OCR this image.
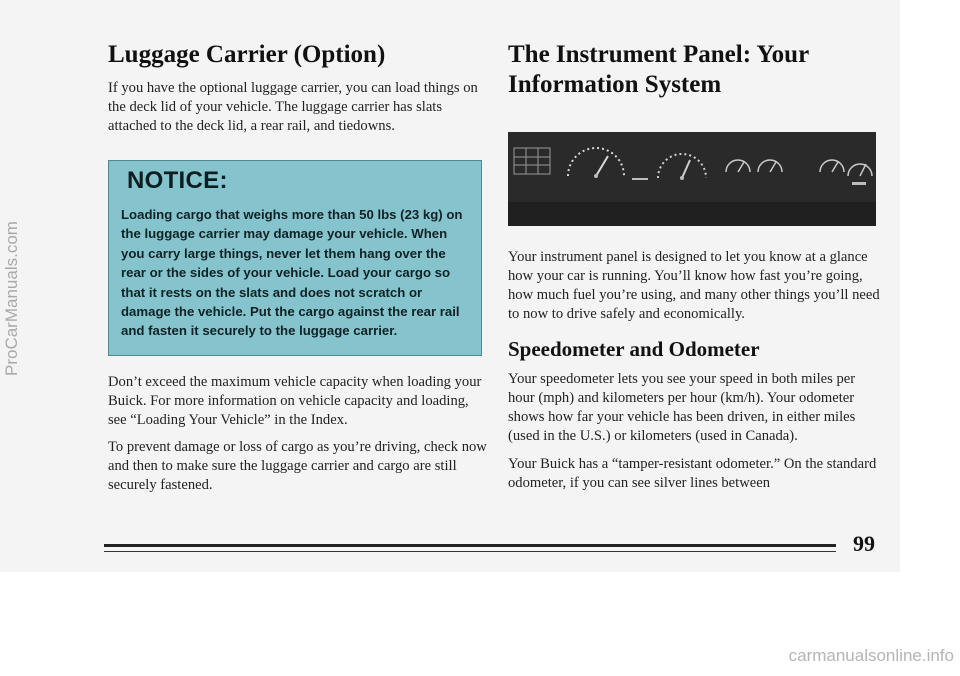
Luggage Carrier (Option)

If you have the optional luggage carrier, you can load things on the deck lid of your vehicle. The luggage carrier has slats attached to the deck lid, a rear rail, and tiedowns.

NOTICE:
Loading cargo that weighs more than 50 lbs (23 kg) on the luggage carrier may damage your vehicle. When you carry large things, never let them hang over the rear or the sides of your vehicle. Load your cargo so that it rests on the slats and does not scratch or damage the vehicle. Put the cargo against the rear rail and fasten it securely to the luggage carrier.

Don’t exceed the maximum vehicle capacity when loading your Buick. For more information on vehicle capacity and loading, see “Loading Your Vehicle” in the Index.

To prevent damage or loss of cargo as you’re driving, check now and then to make sure the luggage carrier and cargo are still securely fastened.

The Instrument Panel: Your Information System

Your instrument panel is designed to let you know at a glance how your car is running. You’ll know how fast you’re going, how much fuel you’re using, and many other things you’ll need to now to drive safely and economically.

Speedometer and Odometer

Your speedometer lets you see your speed in both miles per hour (mph) and kilometers per hour (km/h). Your odometer shows how far your vehicle has been driven, in either miles (used in the U.S.) or kilometers (used in Canada).

Your Buick has a “tamper-resistant odometer.” On the standard odometer, if you can see silver lines between

99
carmanualsonline.info
